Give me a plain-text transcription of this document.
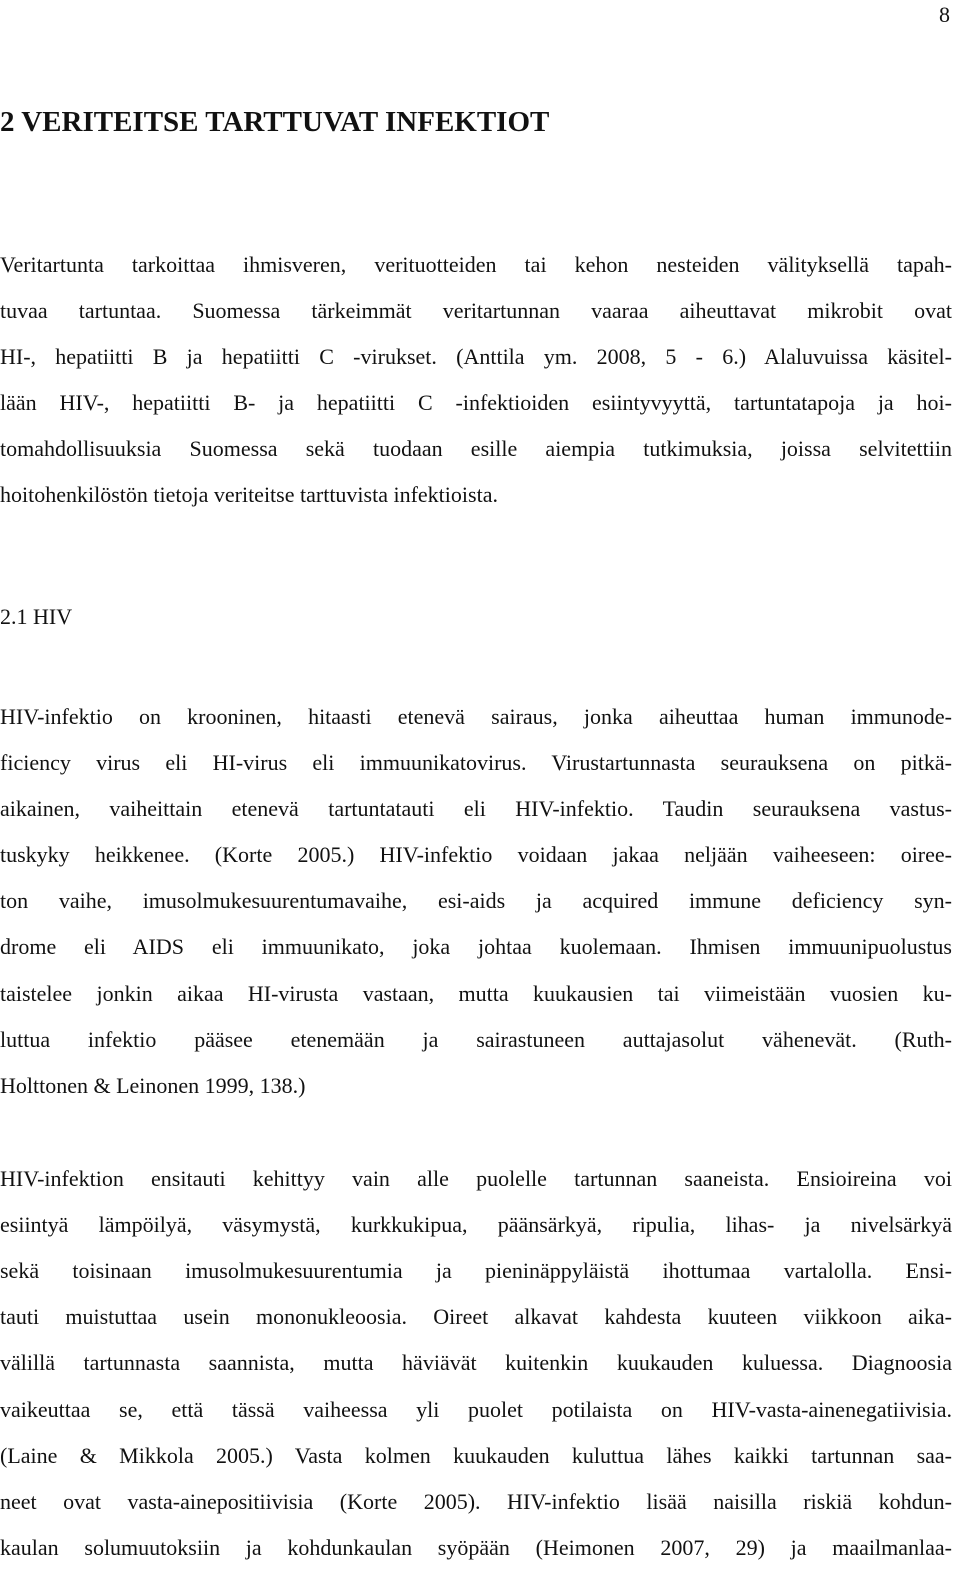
8
2 VERITEITSE TARTTUVAT INFEKTIOT

Veritartunta tarkoittaa ihmisveren, verituotteiden tai kehon nesteiden välityksellä tapah-

tuvaa tartuntaa. Suomessa tärkeimmät veritartunnan vaaraa aiheuttavat mikrobit ovat

HI-, hepatiitti B ja hepatiitti C -virukset. (Anttila ym. 2008, 5 - 6.) Alaluvuissa käsitel-

lään HIV-, hepatiitti B- ja hepatiitti C -infektioiden esiintyvyyttä, tartuntatapoja ja hoi-

tomahdollisuuksia Suomessa sekä tuodaan esille aiempia tutkimuksia, joissa selvitettiin

hoitohenkilöstön tietoja veriteitse tarttuvista infektioista.

2.1 HIV

HIV-infektio on krooninen, hitaasti etenevä sairaus, jonka aiheuttaa human immunode-

ficiency virus eli HI-virus eli immuunikatovirus. Virustartunnasta seurauksena on pitkä-

aikainen, vaiheittain etenevä tartuntatauti eli HIV-infektio. Taudin seurauksena vastus-

tuskyky heikkenee. (Korte 2005.) HIV-infektio voidaan jakaa neljään vaiheeseen: oiree-

ton vaihe, imusolmukesuurentumavaihe, esi-aids ja acquired immune deficiency syn-

drome eli AIDS eli immuunikato, joka johtaa kuolemaan. Ihmisen immuunipuolustus

taistelee jonkin aikaa HI-virusta vastaan, mutta kuukausien tai viimeistään vuosien ku-

luttua infektio pääsee etenemään ja sairastuneen auttajasolut vähenevät. (Ruth-

Holttonen & Leinonen 1999, 138.)

HIV-infektion ensitauti kehittyy vain alle puolelle tartunnan saaneista. Ensioireina voi

esiintyä lämpöilyä, väsymystä, kurkkukipua, päänsärkyä, ripulia, lihas- ja nivelsärkyä

sekä toisinaan imusolmukesuurentumia ja pieninäppyläistä ihottumaa vartalolla. Ensi-

tauti muistuttaa usein mononukleoosia. Oireet alkavat kahdesta kuuteen viikkoon aika-

välillä tartunnasta saannista, mutta häviävät kuitenkin kuukauden kuluessa. Diagnoosia

vaikeuttaa se, että tässä vaiheessa yli puolet potilaista on HIV-vasta-ainenegatiivisia.

(Laine & Mikkola 2005.) Vasta kolmen kuukauden kuluttua lähes kaikki tartunnan saa-

neet ovat vasta-ainepositiivisia (Korte 2005). HIV-infektio lisää naisilla riskiä kohdun-

kaulan solumuutoksiin ja kohdunkaulan syöpään (Heimonen 2007, 29) ja maailmanlaa-
